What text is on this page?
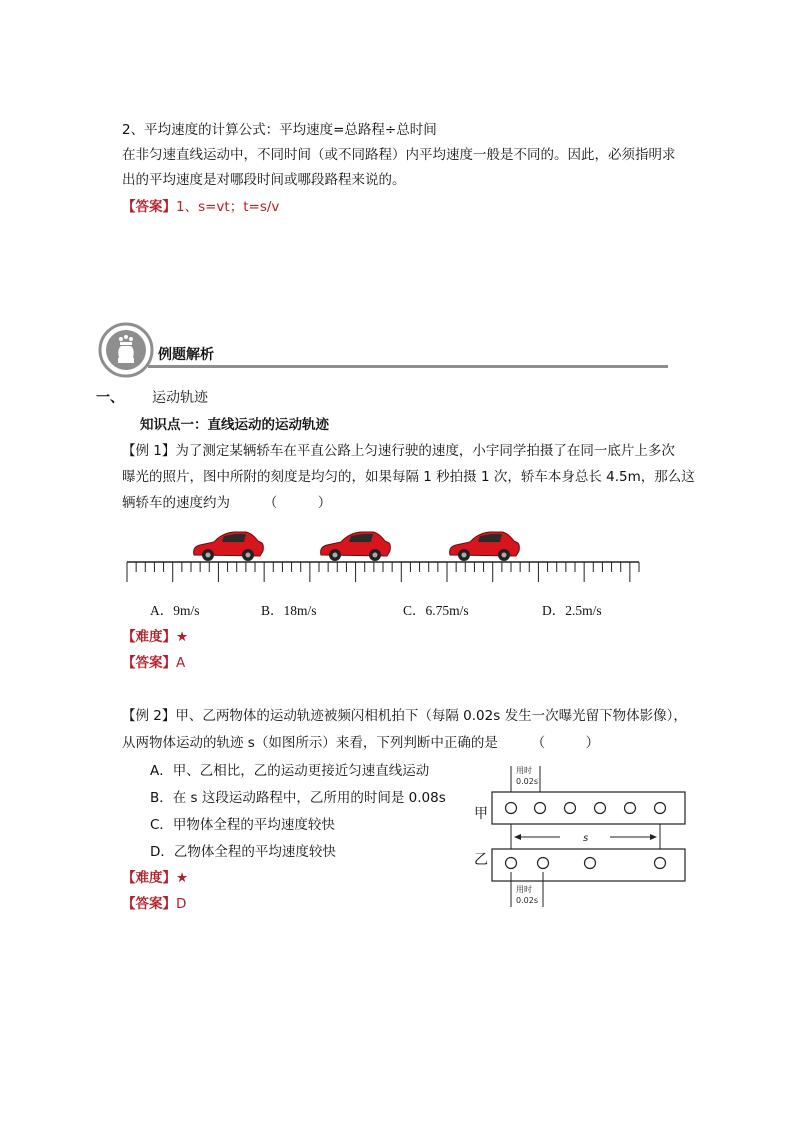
2、平均速度的计算公式：平均速度=总路程÷总时间
在非匀速直线运动中，不同时间（或不同路程）内平均速度一般是不同的。因此，必须指明求
出的平均速度是对哪段时间或哪段路程来说的。
【答案】1、s=vt；t=s/v
例题解析
一、 运动轨迹
知识点一：直线运动的运动轨迹
【例 1】为了测定某辆轿车在平直公路上匀速行驶的速度，小宇同学拍摄了在同一底片上多次
曝光的照片，图中所附的刻度是均匀的，如果每隔 1 秒拍摄 1 次，轿车本身总长 4.5m，那么这
辆轿车的速度约为　　　（　　　）
A．9m/s	B．18m/s	C．6.75m/s	D．2.5m/s
【难度】★
【答案】A
【例 2】甲、乙两物体的运动轨迹被频闪相机拍下（每隔 0.02s 发生一次曝光留下物体影像），
从两物体运动的轨迹 s（如图所示）来看，下列判断中正确的是　　　（　　　）
A．甲、乙相比，乙的运动更接近匀速直线运动
B．在 s 这段运动路程中，乙所用的时间是 0.08s
C．甲物体全程的平均速度较快
D．乙物体全程的平均速度较快
【难度】★
【答案】D
用时
0.02s
甲
s
乙
用时
0.02s
